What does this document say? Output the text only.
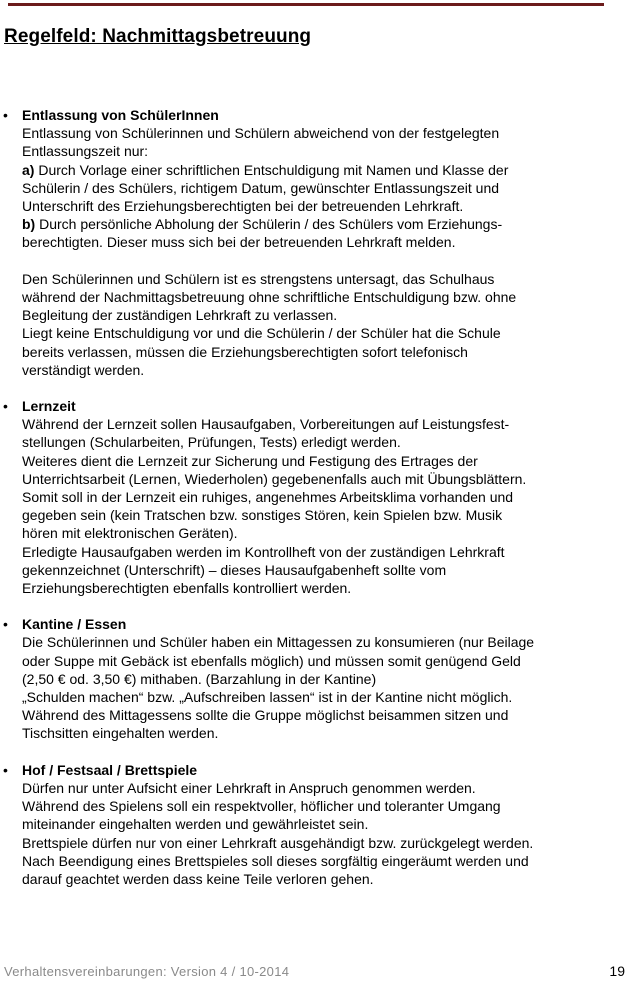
Regelfeld: Nachmittagsbetreuung
• Entlassung von SchülerInnen
Entlassung von Schülerinnen und Schülern abweichend von der festgelegten
Entlassungszeit nur:
a) Durch Vorlage einer schriftlichen Entschuldigung mit Namen und Klasse der
Schülerin / des Schülers, richtigem Datum, gewünschter Entlassungszeit und
Unterschrift des Erziehungsberechtigten bei der betreuenden Lehrkraft.
b) Durch persönliche Abholung der Schülerin / des Schülers vom Erziehungs-
berechtigten. Dieser muss sich bei der betreuenden Lehrkraft melden.
Den Schülerinnen und Schülern ist es strengstens untersagt, das Schulhaus
während der Nachmittagsbetreuung ohne schriftliche Entschuldigung bzw. ohne
Begleitung der zuständigen Lehrkraft zu verlassen.
Liegt keine Entschuldigung vor und die Schülerin / der Schüler hat die Schule
bereits verlassen, müssen die Erziehungsberechtigten sofort telefonisch
verständigt werden.
• Lernzeit
Während der Lernzeit sollen Hausaufgaben, Vorbereitungen auf Leistungsfest-
stellungen (Schularbeiten, Prüfungen, Tests) erledigt werden.
Weiteres dient die Lernzeit zur Sicherung und Festigung des Ertrages der
Unterrichtsarbeit (Lernen, Wiederholen) gegebenenfalls auch mit Übungsblättern.
Somit soll in der Lernzeit ein ruhiges, angenehmes Arbeitsklima vorhanden und
gegeben sein (kein Tratschen bzw. sonstiges Stören, kein Spielen bzw. Musik
hören mit elektronischen Geräten).
Erledigte Hausaufgaben werden im Kontrollheft von der zuständigen Lehrkraft
gekennzeichnet (Unterschrift) – dieses Hausaufgabenheft sollte vom
Erziehungsberechtigten ebenfalls kontrolliert werden.
• Kantine / Essen
Die Schülerinnen und Schüler haben ein Mittagessen zu konsumieren (nur Beilage
oder Suppe mit Gebäck ist ebenfalls möglich) und müssen somit genügend Geld
(2,50 € od. 3,50 €) mithaben. (Barzahlung in der Kantine)
„Schulden machen“ bzw. „Aufschreiben lassen“ ist in der Kantine nicht möglich.
Während des Mittagessens sollte die Gruppe möglichst beisammen sitzen und
Tischsitten eingehalten werden.
• Hof / Festsaal / Brettspiele
Dürfen nur unter Aufsicht einer Lehrkraft in Anspruch genommen werden.
Während des Spielens soll ein respektvoller, höflicher und toleranter Umgang
miteinander eingehalten werden und gewährleistet sein.
Brettspiele dürfen nur von einer Lehrkraft ausgehändigt bzw. zurückgelegt werden.
Nach Beendigung eines Brettspieles soll dieses sorgfältig eingeräumt werden und
darauf geachtet werden dass keine Teile verloren gehen.
Verhaltensvereinbarungen: Version 4 / 10-2014	19
